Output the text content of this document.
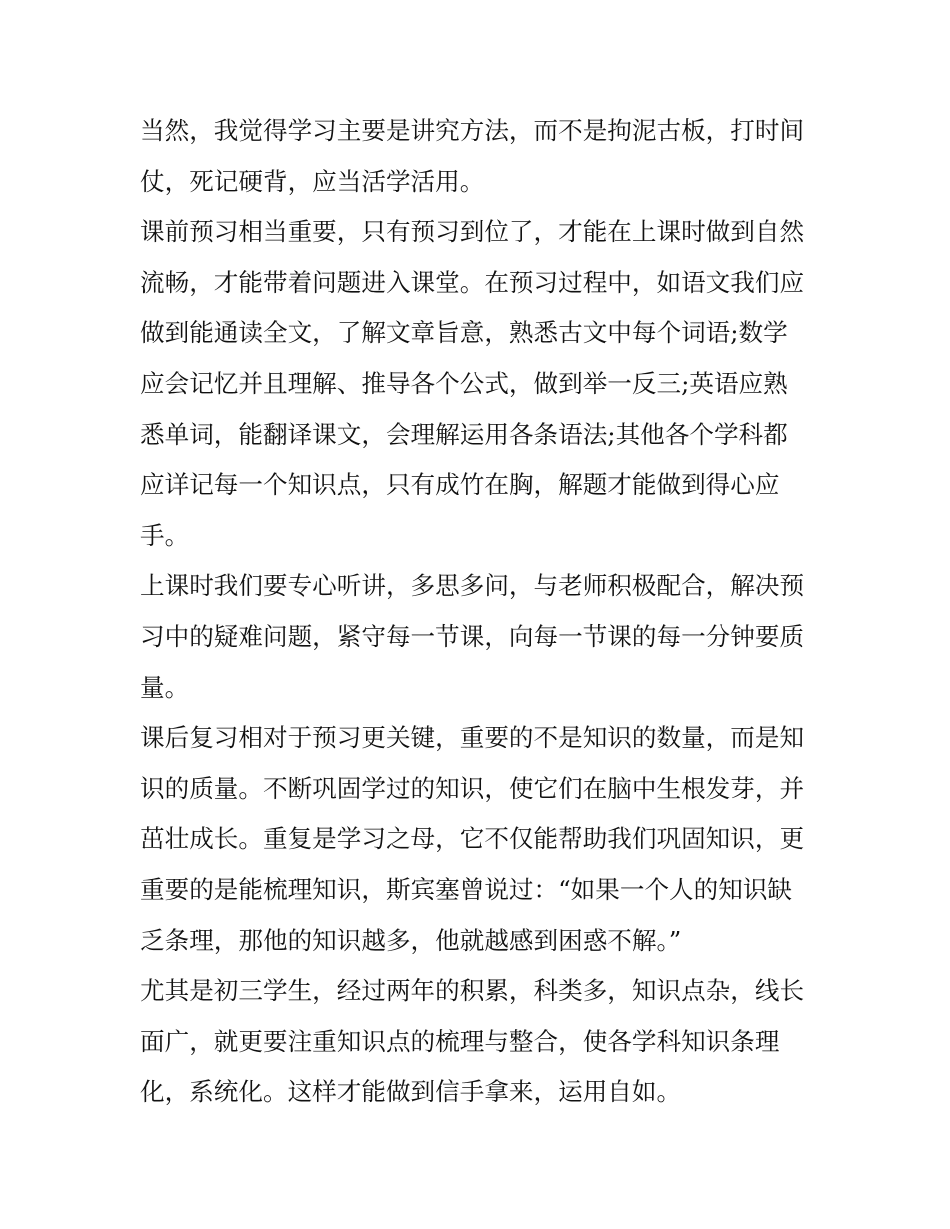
当然，我觉得学习主要是讲究方法，而不是拘泥古板，打时间
仗，死记硬背，应当活学活用。
课前预习相当重要，只有预习到位了，才能在上课时做到自然
流畅，才能带着问题进入课堂。在预习过程中，如语文我们应
做到能通读全文，了解文章旨意，熟悉古文中每个词语;数学
应会记忆并且理解、推导各个公式，做到举一反三;英语应熟
悉单词，能翻译课文，会理解运用各条语法;其他各个学科都
应详记每一个知识点，只有成竹在胸，解题才能做到得心应
手。
上课时我们要专心听讲，多思多问，与老师积极配合，解决预
习中的疑难问题，紧守每一节课，向每一节课的每一分钟要质
量。
课后复习相对于预习更关键，重要的不是知识的数量，而是知
识的质量。不断巩固学过的知识，使它们在脑中生根发芽，并
茁壮成长。重复是学习之母，它不仅能帮助我们巩固知识，更
重要的是能梳理知识，斯宾塞曾说过：“如果一个人的知识缺
乏条理，那他的知识越多，他就越感到困惑不解。”
尤其是初三学生，经过两年的积累，科类多，知识点杂，线长
面广，就更要注重知识点的梳理与整合，使各学科知识条理
化，系统化。这样才能做到信手拿来，运用自如。
